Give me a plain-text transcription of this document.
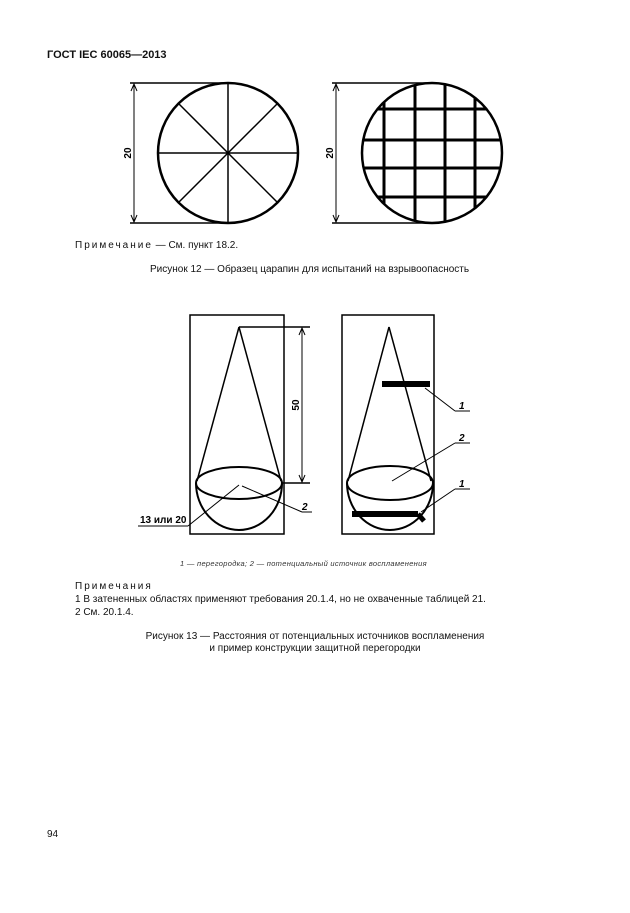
ГОСТ IEC 60065—2013
20	20
50
13 или 20
2
1
2
1
Примечание — См. пункт 18.2.
Рисунок 12 — Образец царапин для испытаний на взрывоопасность
1 — перегородка; 2 — потенциальный источник воспламенения
Примечания
1 В затененных областях применяют требования 20.1.4, но не охваченные таблицей 21.
2 См. 20.1.4.
Рисунок 13 — Расстояния от потенциальных источников воспламенения
и пример конструкции защитной перегородки
94
